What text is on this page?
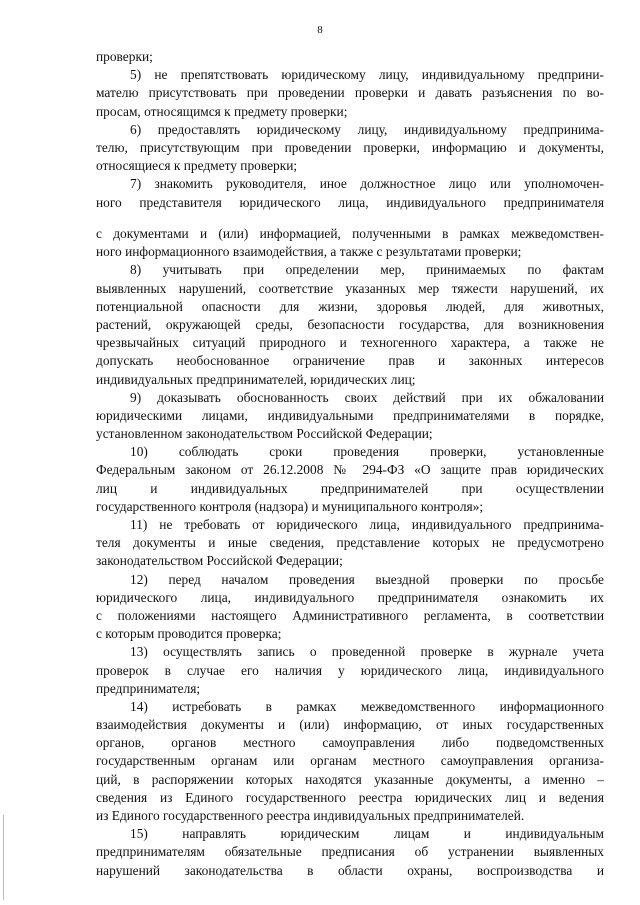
8
проверки;
5) не препятствовать юридическому лицу, индивидуальному предприни-
мателю присутствовать при проведении проверки и давать разъяснения по во-
просам, относящимся к предмету проверки;
6) предоставлять юридическому лицу, индивидуальному предпринима-
телю, присутствующим при проведении проверки, информацию и документы,
относящиеся к предмету проверки;
7) знакомить руководителя, иное должностное лицо или уполномочен-
ного представителя юридического лица, индивидуального предпринимателя
с документами и (или) информацией, полученными в рамках межведомствен-
ного информационного взаимодействия, а также с результатами проверки;
8) учитывать при определении мер, принимаемых по фактам
выявленных нарушений, соответствие указанных мер тяжести нарушений, их
потенциальной опасности для жизни, здоровья людей, для животных,
растений, окружающей среды, безопасности государства, для возникновения
чрезвычайных ситуаций природного и техногенного характера, а также не
допускать необоснованное ограничение прав и законных интересов
индивидуальных предпринимателей, юридических лиц;
9) доказывать обоснованность своих действий при их обжаловании
юридическими лицами, индивидуальными предпринимателями в порядке,
установленном законодательством Российской Федерации;
10) соблюдать сроки проведения проверки, установленные
Федеральным законом от 26.12.2008 № 294-ФЗ «О защите прав юридических
лиц и индивидуальных предпринимателей при осуществлении
государственного контроля (надзора) и муниципального контроля»;
11) не требовать от юридического лица, индивидуального предпринима-
теля документы и иные сведения, представление которых не предусмотрено
законодательством Российской Федерации;
12) перед началом проведения выездной проверки по просьбе
юридического лица, индивидуального предпринимателя ознакомить их
с положениями настоящего Административного регламента, в соответствии
с которым проводится проверка;
13) осуществлять запись о проведенной проверке в журнале учета
проверок в случае его наличия у юридического лица, индивидуального
предпринимателя;
14) истребовать в рамках межведомственного информационного
взаимодействия документы и (или) информацию, от иных государственных
органов, органов местного самоуправления либо подведомственных
государственным органам или органам местного самоуправления организа-
ций, в распоряжении которых находятся указанные документы, а именно –
сведения из Единого государственного реестра юридических лиц и ведения
из Единого государственного реестра индивидуальных предпринимателей.
15) направлять юридическим лицам и индивидуальным
предпринимателям обязательные предписания об устранении выявленных
нарушений законодательства в области охраны, воспроизводства и
